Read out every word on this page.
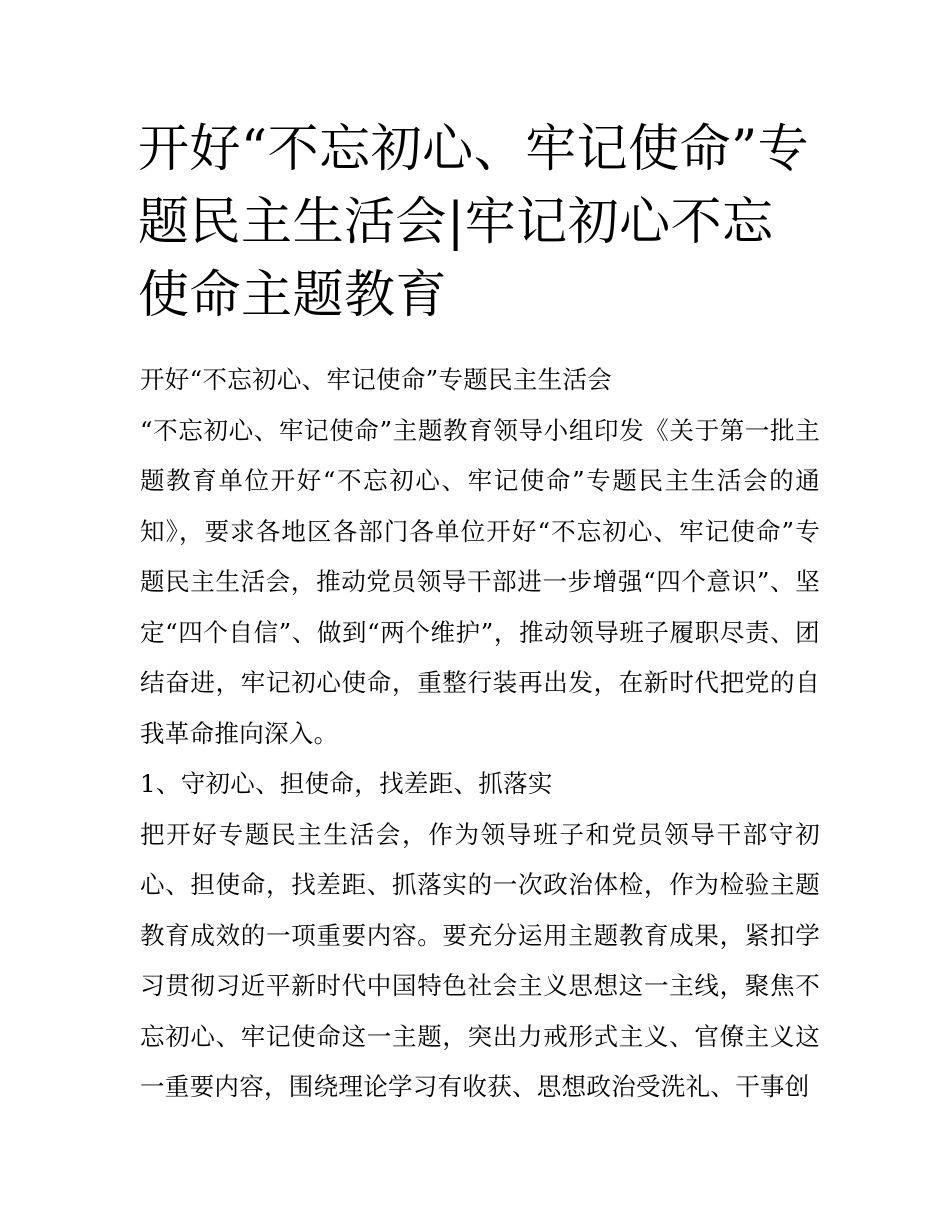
开好“不忘初心、牢记使命”专题民主生活会|牢记初心不忘使命主题教育

开好“不忘初心、牢记使命”专题民主生活会

“不忘初心、牢记使命”主题教育领导小组印发《关于第一批主题教育单位开好“不忘初心、牢记使命”专题民主生活会的通知》，要求各地区各部门各单位开好“不忘初心、牢记使命”专题民主生活会，推动党员领导干部进一步增强“四个意识”、坚定“四个自信”、做到“两个维护”，推动领导班子履职尽责、团结奋进，牢记初心使命，重整行装再出发，在新时代把党的自我革命推向深入。

1、守初心、担使命，找差距、抓落实

把开好专题民主生活会，作为领导班子和党员领导干部守初心、担使命，找差距、抓落实的一次政治体检，作为检验主题教育成效的一项重要内容。要充分运用主题教育成果，紧扣学习贯彻习近平新时代中国特色社会主义思想这一主线，聚焦不忘初心、牢记使命这一主题，突出力戒形式主义、官僚主义这一重要内容，围绕理论学习有收获、思想政治受洗礼、干事创
